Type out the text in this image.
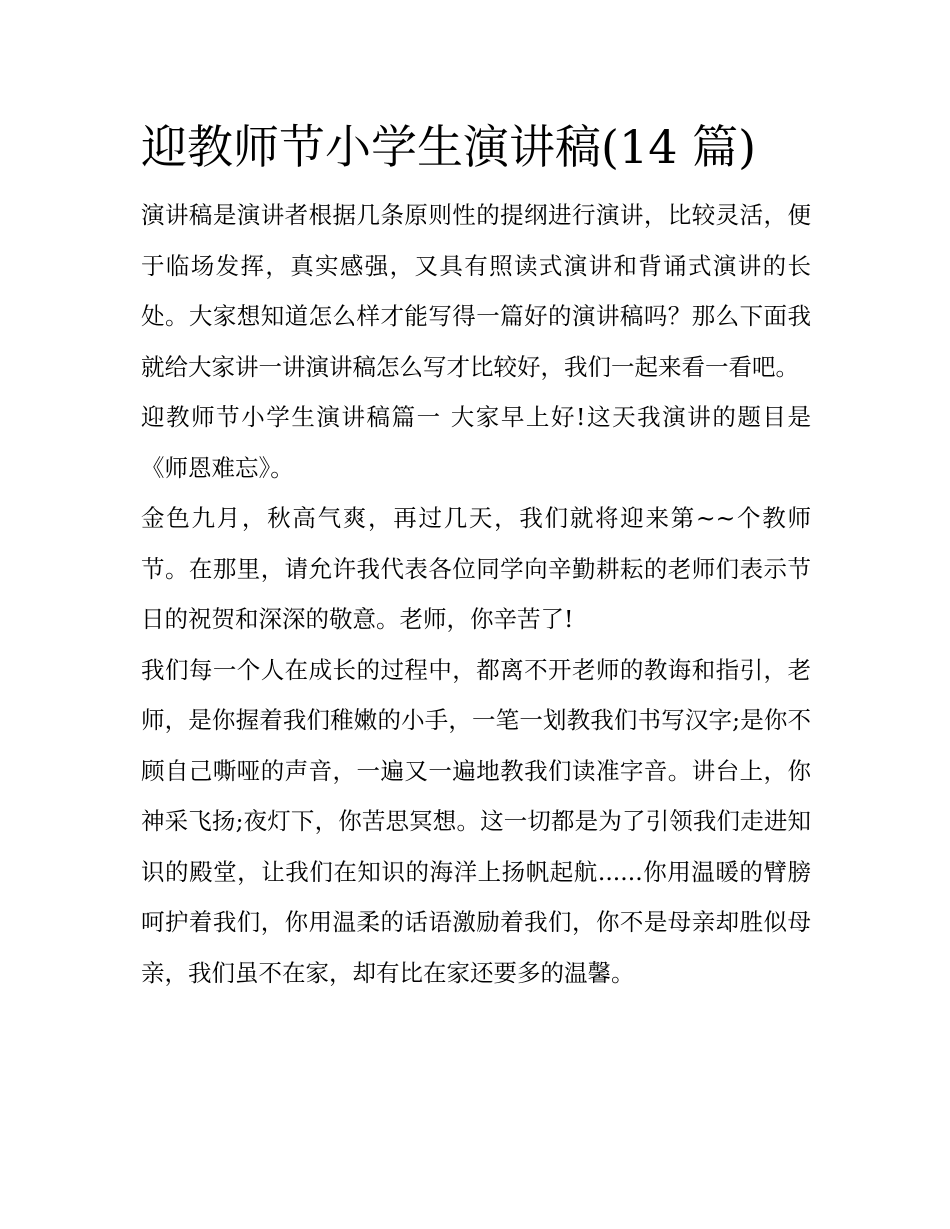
迎教师节小学生演讲稿(14 篇)

演讲稿是演讲者根据几条原则性的提纲进行演讲，比较灵活，便于临场发挥，真实感强，又具有照读式演讲和背诵式演讲的长处。大家想知道怎么样才能写得一篇好的演讲稿吗？那么下面我就给大家讲一讲演讲稿怎么写才比较好，我们一起来看一看吧。

迎教师节小学生演讲稿篇一 大家早上好!这天我演讲的题目是《师恩难忘》。

金色九月，秋高气爽，再过几天，我们就将迎来第~~个教师节。在那里，请允许我代表各位同学向辛勤耕耘的老师们表示节日的祝贺和深深的敬意。老师，你辛苦了!

我们每一个人在成长的过程中，都离不开老师的教诲和指引，老师，是你握着我们稚嫩的小手，一笔一划教我们书写汉字;是你不顾自己嘶哑的声音，一遍又一遍地教我们读准字音。讲台上，你神采飞扬;夜灯下，你苦思冥想。这一切都是为了引领我们走进知识的殿堂，让我们在知识的海洋上扬帆起航......你用温暖的臂膀呵护着我们，你用温柔的话语激励着我们，你不是母亲却胜似母亲，我们虽不在家，却有比在家还要多的温馨。
